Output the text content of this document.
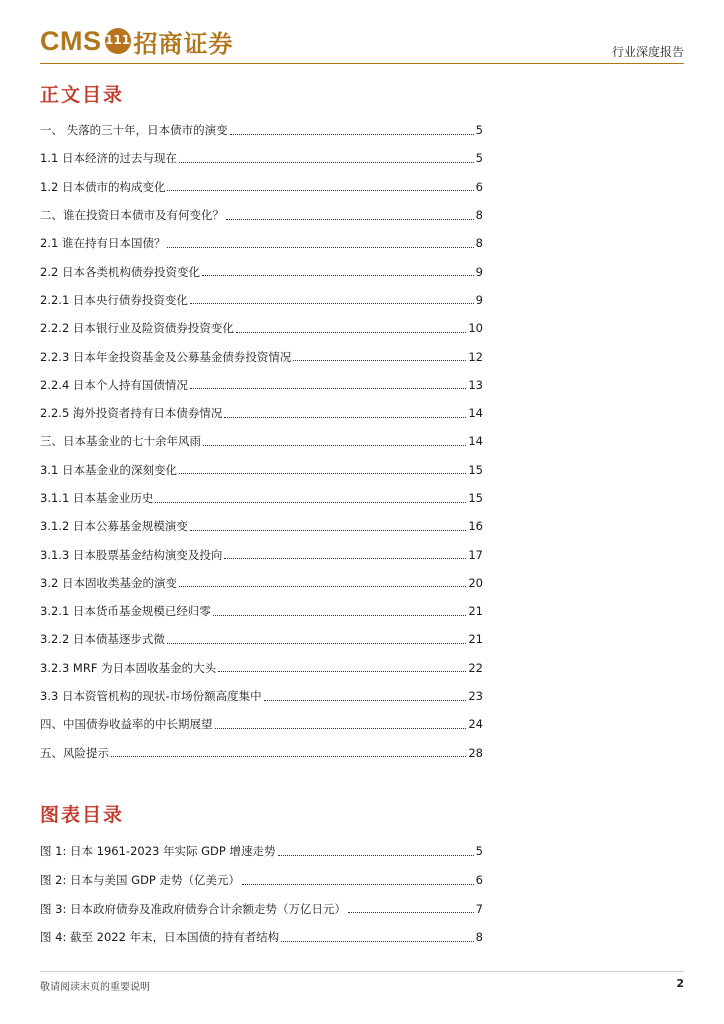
CMS 111 招商证券	行业深度报告
正文目录
一、 失落的三十年，日本债市的演变	5
1.1 日本经济的过去与现在	5
1.2 日本债市的构成变化	6
二、谁在投资日本债市及有何变化？	8
2.1 谁在持有日本国债？	8
2.2 日本各类机构债券投资变化	9
2.2.1 日本央行债券投资变化	9
2.2.2 日本银行业及险资债券投资变化	10
2.2.3 日本年金投资基金及公募基金债券投资情况	12
2.2.4 日本个人持有国债情况	13
2.2.5 海外投资者持有日本债券情况	14
三、日本基金业的七十余年风雨	14
3.1 日本基金业的深刻变化	15
3.1.1 日本基金业历史	15
3.1.2 日本公募基金规模演变	16
3.1.3 日本股票基金结构演变及投向	17
3.2 日本固收类基金的演变	20
3.2.1 日本货币基金规模已经归零	21
3.2.2 日本债基逐步式微	21
3.2.3 MRF 为日本固收基金的大头	22
3.3 日本资管机构的现状-市场份额高度集中	23
四、中国债券收益率的中长期展望	24
五、风险提示	28
图表目录
图 1: 日本 1961-2023 年实际 GDP 增速走势	5
图 2: 日本与美国 GDP 走势（亿美元）	6
图 3: 日本政府债券及准政府债券合计余额走势（万亿日元）	7
图 4: 截至 2022 年末，日本国债的持有者结构	8
敬请阅读末页的重要说明	2
